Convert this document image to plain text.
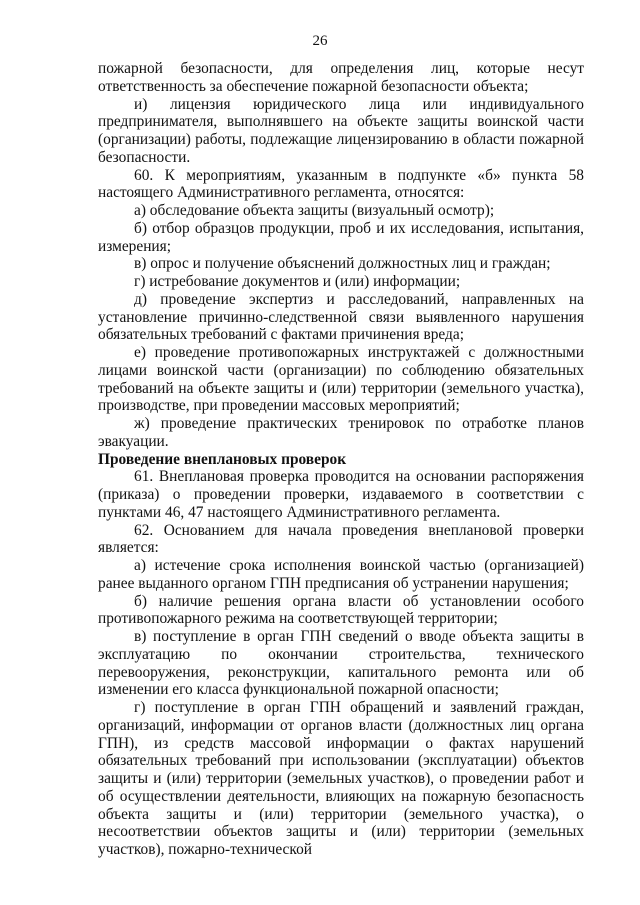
26

пожарной безопасности, для определения лиц, которые несут ответственность за обеспечение пожарной безопасности объекта;

и) лицензия юридического лица или индивидуального предпринимателя, выполнявшего на объекте защиты воинской части (организации) работы, подлежащие лицензированию в области пожарной безопасности.

60. К мероприятиям, указанным в подпункте «б» пункта 58 настоящего Административного регламента, относятся:

а) обследование объекта защиты (визуальный осмотр);

б) отбор образцов продукции, проб и их исследования, испытания, измерения;

в) опрос и получение объяснений должностных лиц и граждан;

г) истребование документов и (или) информации;

д) проведение экспертиз и расследований, направленных на установление причинно-следственной связи выявленного нарушения обязательных требований с фактами причинения вреда;

е) проведение противопожарных инструктажей с должностными лицами воинской части (организации) по соблюдению обязательных требований на объекте защиты и (или) территории (земельного участка), производстве, при проведении массовых мероприятий;

ж) проведение практических тренировок по отработке планов эвакуации.

Проведение внеплановых проверок

61. Внеплановая проверка проводится на основании распоряжения (приказа) о проведении проверки, издаваемого в соответствии с пунктами 46, 47 настоящего Административного регламента.

62. Основанием для начала проведения внеплановой проверки является:

а) истечение срока исполнения воинской частью (организацией) ранее выданного органом ГПН предписания об устранении нарушения;

б) наличие решения органа власти об установлении особого противопожарного режима на соответствующей территории;

в) поступление в орган ГПН сведений о вводе объекта защиты в эксплуатацию по окончании строительства, технического перевооружения, реконструкции, капитального ремонта или об изменении его класса функциональной пожарной опасности;

г) поступление в орган ГПН обращений и заявлений граждан, организаций, информации от органов власти (должностных лиц органа ГПН), из средств массовой информации о фактах нарушений обязательных требований при использовании (эксплуатации) объектов защиты и (или) территории (земельных участков), о проведении работ и об осуществлении деятельности, влияющих на пожарную безопасность объекта защиты и (или) территории (земельного участка), о несоответствии объектов защиты и (или) территории (земельных участков), пожарно-технической
